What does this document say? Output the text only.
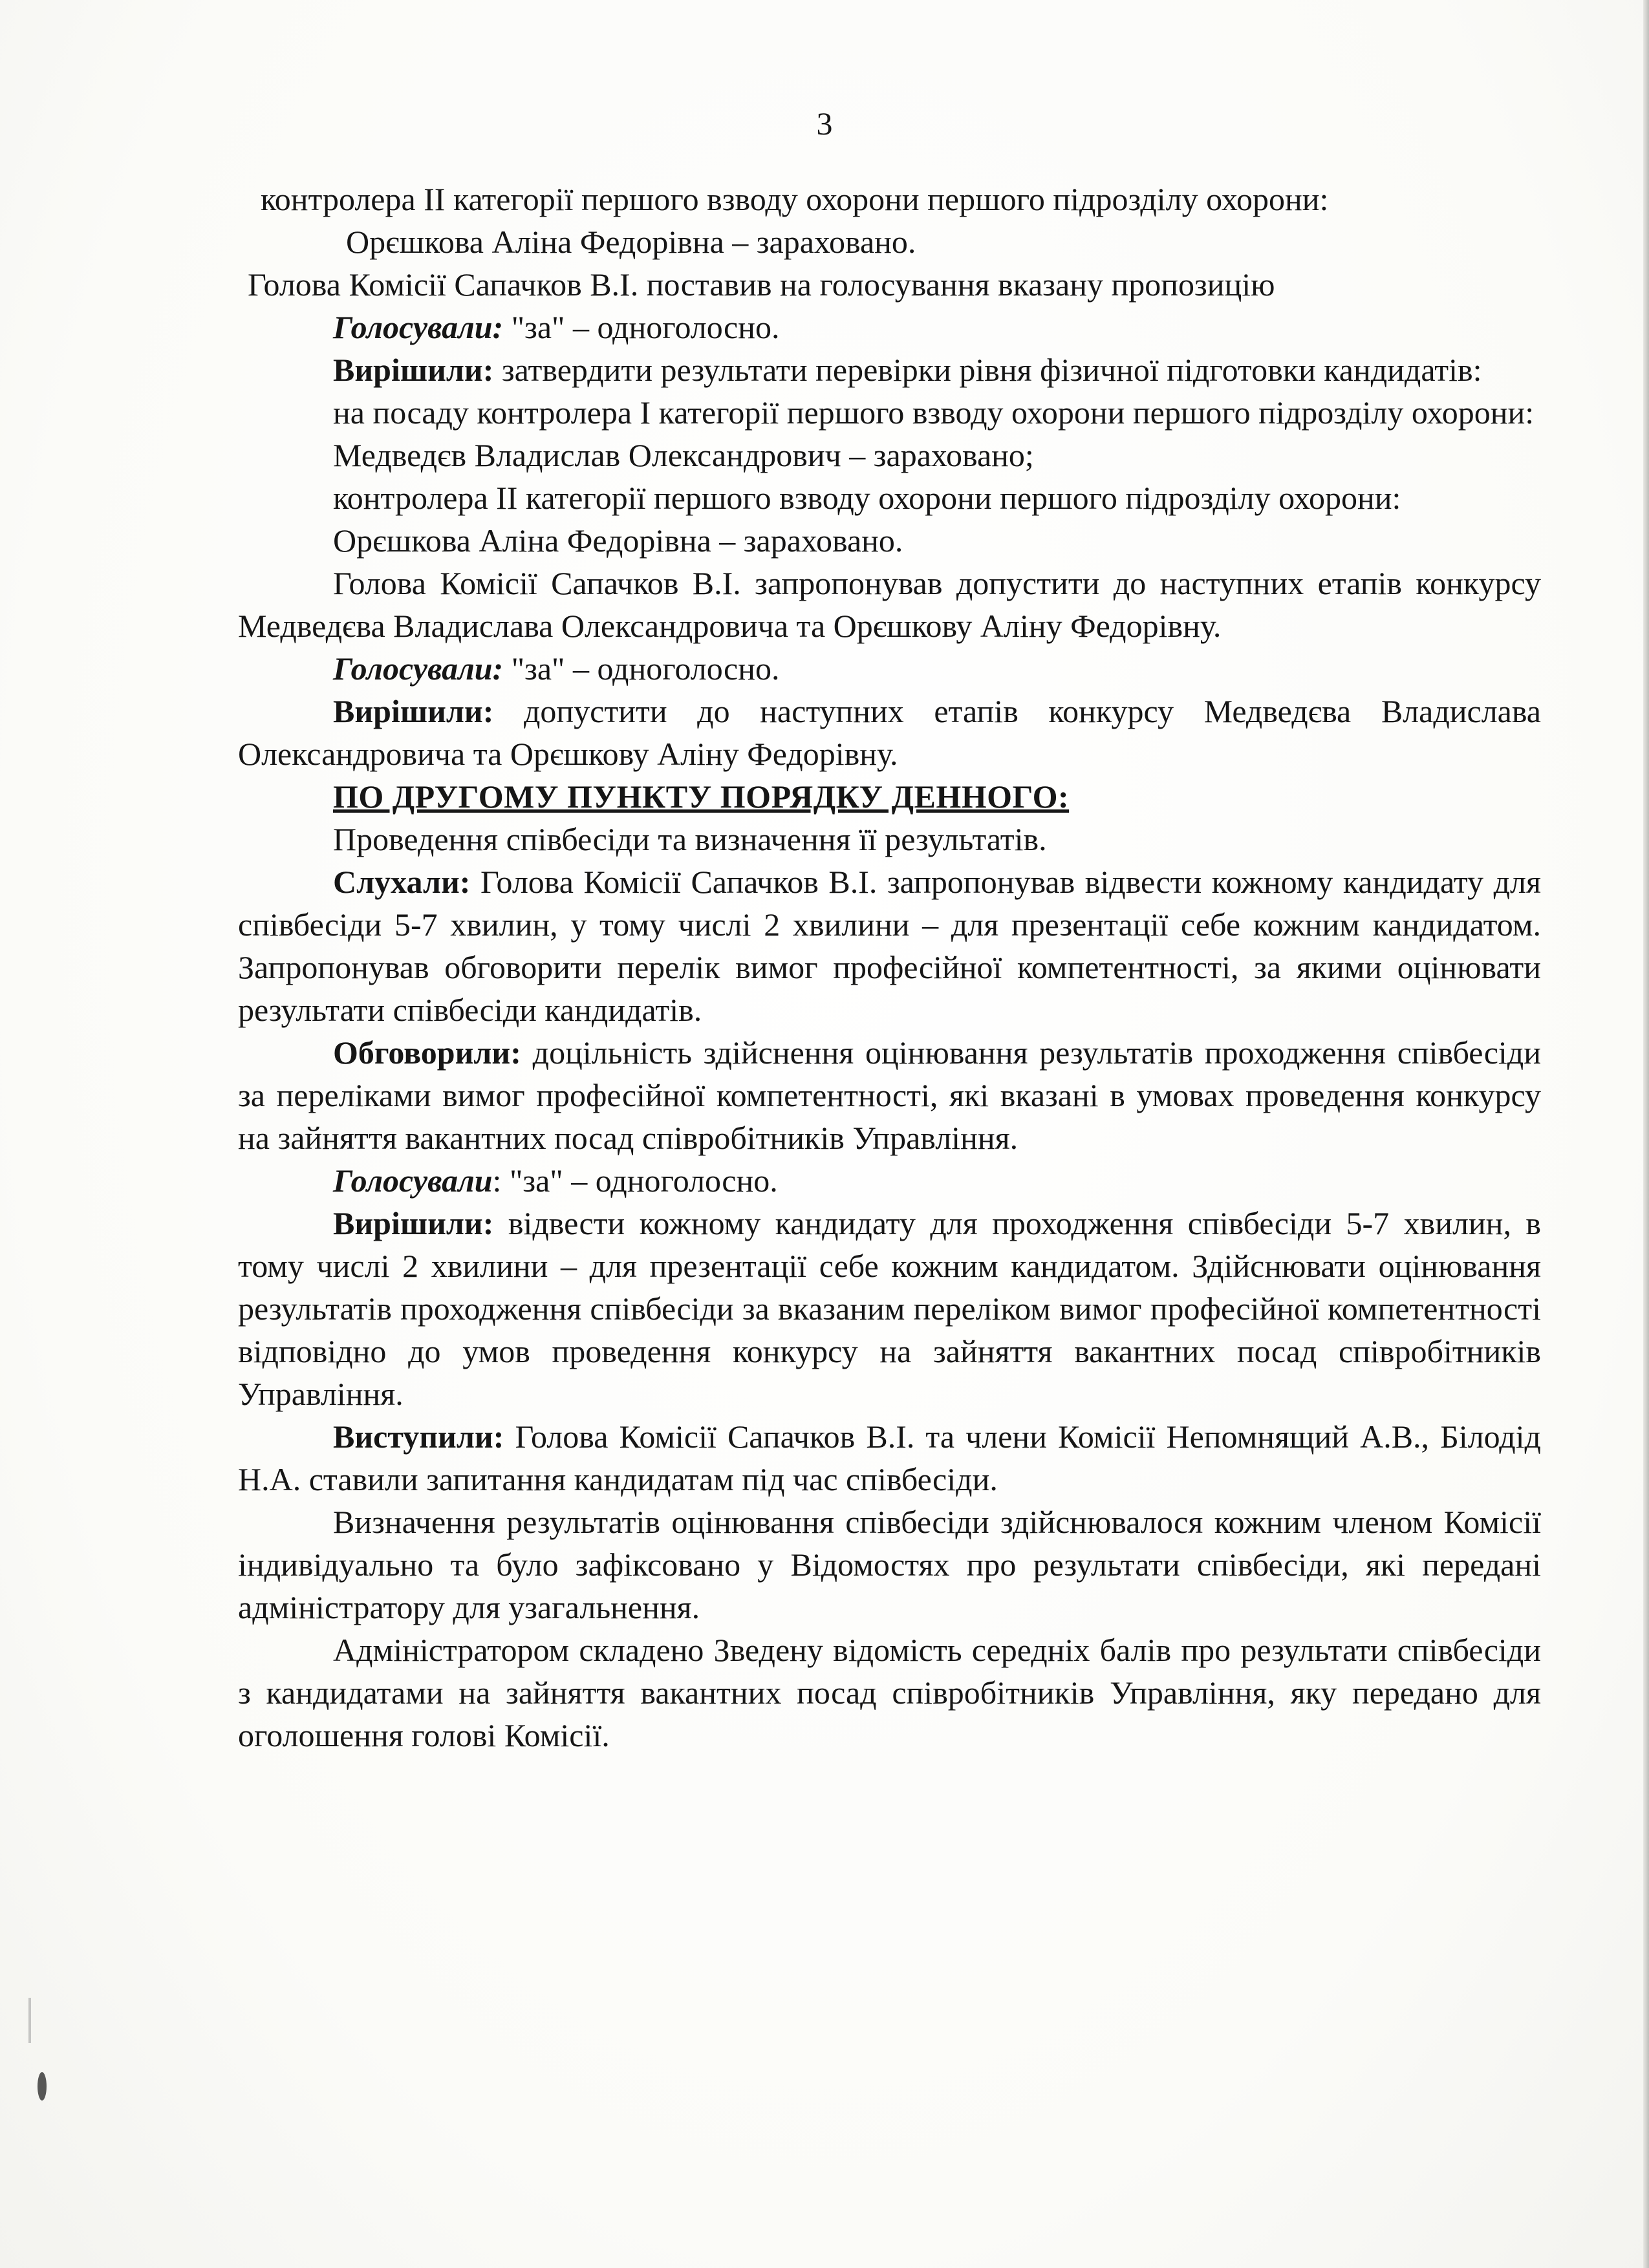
3

контролера II категорії першого взводу охорони першого підрозділу охорони:

Орєшкова Аліна Федорівна – зараховано.

Голова Комісії Сапачков В.І. поставив на голосування вказану пропозицію

Голосували: "за" – одноголосно.

Вирішили: затвердити результати перевірки рівня фізичної підготовки кандидатів:

на посаду контролера I категорії першого взводу охорони першого підрозділу охорони:

Медведєв Владислав Олександрович – зараховано;

контролера II категорії першого взводу охорони першого підрозділу охорони:

Орєшкова Аліна Федорівна – зараховано.

Голова Комісії Сапачков В.І. запропонував допустити до наступних етапів конкурсу Медведєва Владислава Олександровича та Орєшкову Аліну Федорівну.

Голосували: "за" – одноголосно.

Вирішили: допустити до наступних етапів конкурсу Медведєва Владислава Олександровича та Орєшкову Аліну Федорівну.

ПО ДРУГОМУ ПУНКТУ ПОРЯДКУ ДЕННОГО:

Проведення співбесіди та визначення її результатів.

Слухали: Голова Комісії Сапачков В.І. запропонував відвести кожному кандидату для співбесіди 5-7 хвилин, у тому числі 2 хвилини – для презентації себе кожним кандидатом. Запропонував обговорити перелік вимог професійної компетентності, за якими оцінювати результати співбесіди кандидатів.

Обговорили: доцільність здійснення оцінювання результатів проходження співбесіди за переліками вимог професійної компетентності, які вказані в умовах проведення конкурсу на зайняття вакантних посад співробітників Управління.

Голосували: "за" – одноголосно.

Вирішили: відвести кожному кандидату для проходження співбесіди 5-7 хвилин, в тому числі 2 хвилини – для презентації себе кожним кандидатом. Здійснювати оцінювання результатів проходження співбесіди за вказаним переліком вимог професійної компетентності відповідно до умов проведення конкурсу на зайняття вакантних посад співробітників Управління.

Виступили: Голова Комісії Сапачков В.І. та члени Комісії Непомнящий А.В., Білодід Н.А. ставили запитання кандидатам під час співбесіди.

Визначення результатів оцінювання співбесіди здійснювалося кожним членом Комісії індивідуально та було зафіксовано у Відомостях про результати співбесіди, які передані адміністратору для узагальнення.

Адміністратором складено Зведену відомість середніх балів про результати співбесіди з кандидатами на зайняття вакантних посад співробітників Управління, яку передано для оголошення голові Комісії.
